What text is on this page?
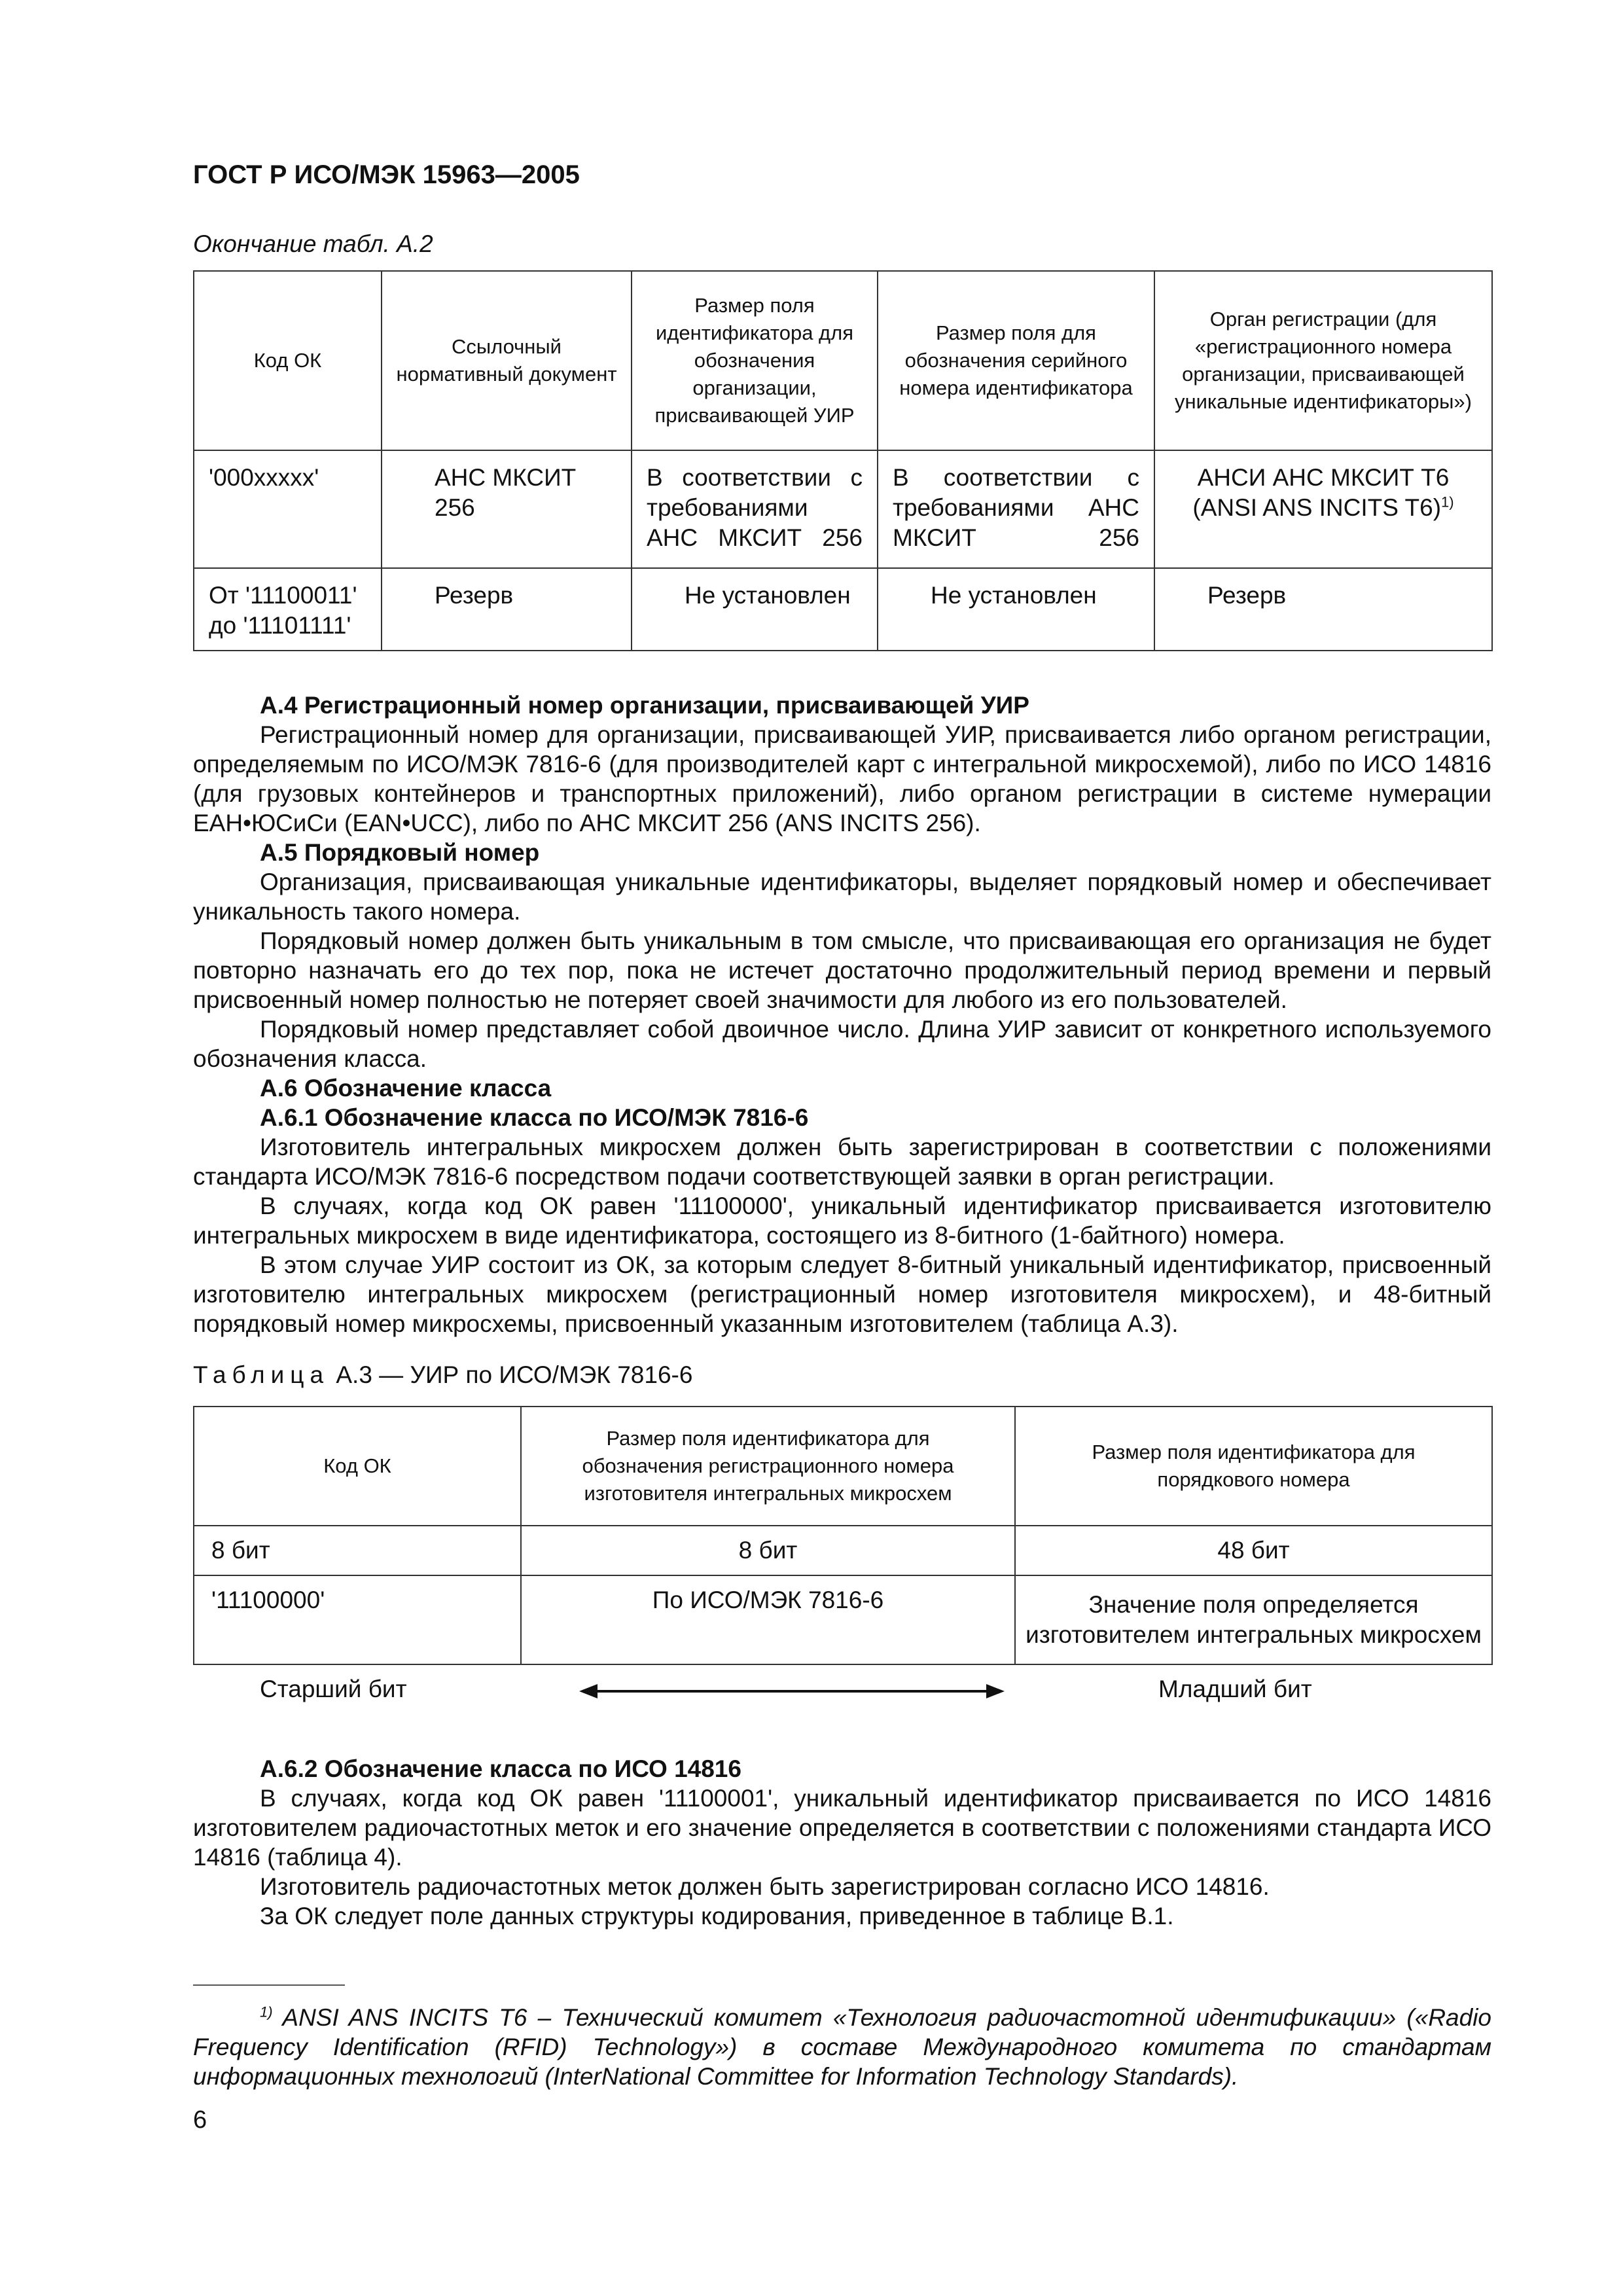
ГОСТ Р ИСО/МЭК 15963—2005
Окончание табл. А.2
Код ОК	Ссылочный нормативный документ	Размер поля идентификатора для обозначения организации, присваивающей УИР	Размер поля для обозначения серийного номера идентификатора	Орган регистрации (для «регистрационного номера организации, присваивающей уникальные идентификаторы»)
'000xxxxx'	АНС МКСИТ 256	В соответствии с требованиями АНС МКСИТ 256	В соответствии с требованиями АНС МКСИТ 256	АНСИ АНС МКСИТ Т6 (ANSI ANS INCITS T6)$^{1)}$
От '11100011' до '11101111'	Резерв	Не установлен	Не установлен	Резерв

А.4 Регистрационный номер организации, присваивающей УИР

Регистрационный номер для организации, присваивающей УИР, присваивается либо органом регистрации, определяемым по ИСО/МЭК 7816-6 (для производителей карт с интегральной микросхемой), либо по ИСО 14816 (для грузовых контейнеров и транспортных приложений), либо органом регистрации в системе нумерации ЕАН•ЮСиСи (EAN•UCC), либо по АНС МКСИТ 256 (ANS INCITS 256).

А.5 Порядковый номер

Организация, присваивающая уникальные идентификаторы, выделяет порядковый номер и обеспечивает уникальность такого номера.

Порядковый номер должен быть уникальным в том смысле, что присваивающая его организация не будет повторно назначать его до тех пор, пока не истечет достаточно продолжительный период времени и первый присвоенный номер полностью не потеряет своей значимости для любого из его пользователей.

Порядковый номер представляет собой двоичное число. Длина УИР зависит от конкретного используемого обозначения класса.

А.6 Обозначение класса

А.6.1 Обозначение класса по ИСО/МЭК 7816-6

Изготовитель интегральных микросхем должен быть зарегистрирован в соответствии с положениями стандарта ИСО/МЭК 7816-6 посредством подачи соответствующей заявки в орган регистрации.

В случаях, когда код ОК равен '11100000', уникальный идентификатор присваивается изготовителю интегральных микросхем в виде идентификатора, состоящего из 8-битного (1-байтного) номера.

В этом случае УИР состоит из ОК, за которым следует 8-битный уникальный идентификатор, присвоенный изготовителю интегральных микросхем (регистрационный номер изготовителя микросхем), и 48-битный порядковый номер микросхемы, присвоенный указанным изготовителем (таблица А.3).

Таблица А.3 — УИР по ИСО/МЭК 7816-6
Код ОК	Размер поля идентификатора для обозначения регистрационного номера изготовителя интегральных микросхем	Размер поля идентификатора для порядкового номера
8 бит	8 бит	48 бит
'11100000'	По ИСО/МЭК 7816-6	Значение поля определяется изготовителем интегральных микросхем
Старший бит	Младший бит

А.6.2 Обозначение класса по ИСО 14816

В случаях, когда код ОК равен '11100001', уникальный идентификатор присваивается по ИСО 14816 изготовителем радиочастотных меток и его значение определяется в соответствии с положениями стандарта ИСО 14816 (таблица 4).

Изготовитель радиочастотных меток должен быть зарегистрирован согласно ИСО 14816.

За ОК следует поле данных структуры кодирования, приведенное в таблице В.1.

$^{1)}$ ANSI ANS INCITS T6 – Технический комитет «Технология радиочастотной идентификации» («Radio Frequency Identification (RFID) Technology») в составе Международного комитета по стандартам информационных технологий (InterNational Committee for Information Technology Standards).
6
